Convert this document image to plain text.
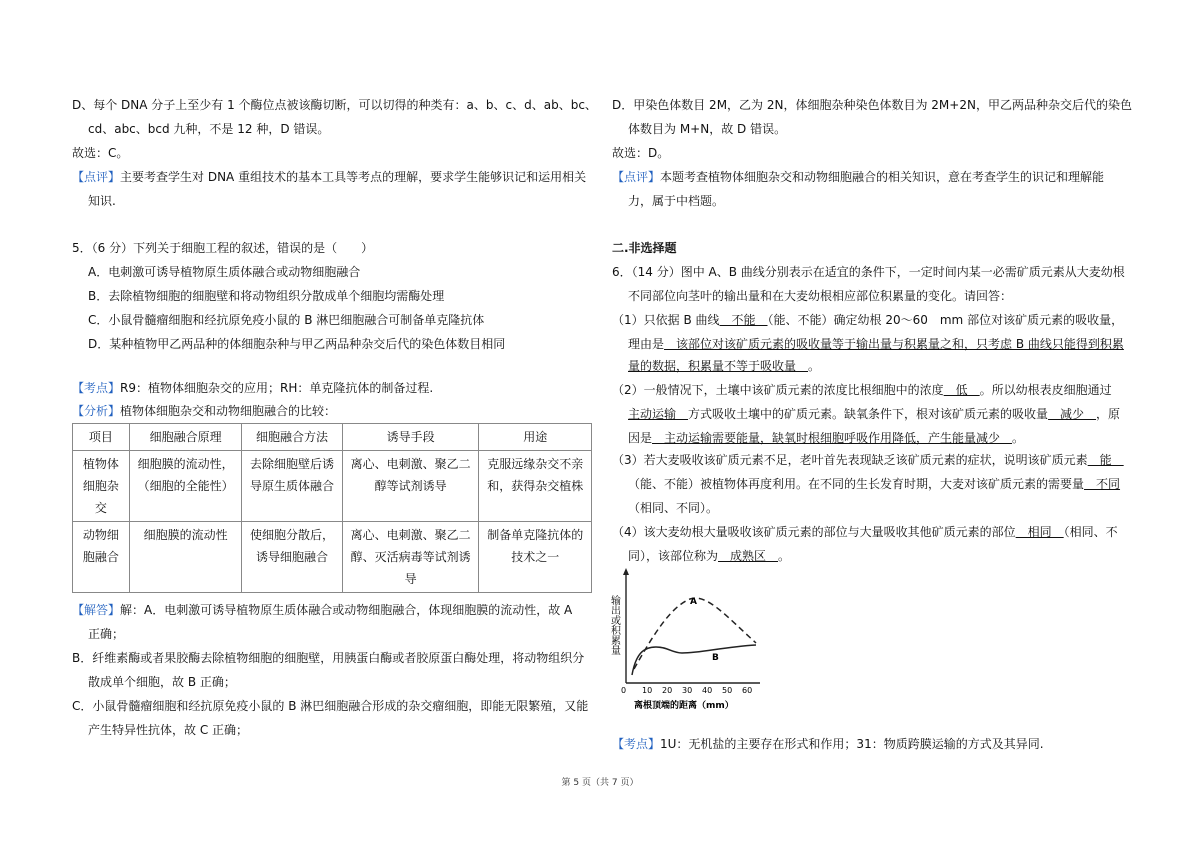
D、每个 DNA 分子上至少有 1 个酶位点被该酶切断，可以切得的种类有：a、b、c、d、ab、bc、
cd、abc、bcd 九种，不是 12 种，D 错误。
故选：C。
【点评】主要考查学生对 DNA 重组技术的基本工具等考点的理解，要求学生能够识记和运用相关
知识.
5．（6 分）下列关于细胞工程的叙述，错误的是（　　）
A．电刺激可诱导植物原生质体融合或动物细胞融合
B．去除植物细胞的细胞壁和将动物组织分散成单个细胞均需酶处理
C．小鼠骨髓瘤细胞和经抗原免疫小鼠的 B 淋巴细胞融合可制备单克隆抗体
D．某种植物甲乙两品种的体细胞杂种与甲乙两品种杂交后代的染色体数目相同
【考点】R9：植物体细胞杂交的应用；RH：单克隆抗体的制备过程.
【分析】植物体细胞杂交和动物细胞融合的比较：
项目	细胞融合原理	细胞融合方法	诱导手段	用途
植物体细胞杂交	细胞膜的流动性，（细胞的全能性）	去除细胞壁后诱导原生质体融合	离心、电刺激、聚乙二醇等试剂诱导	克服远缘杂交不亲和，获得杂交植株
动物细胞融合	细胞膜的流动性	使细胞分散后，诱导细胞融合	离心、电刺激、聚乙二醇、灭活病毒等试剂诱导	制备单克隆抗体的技术之一
【解答】解：A．电刺激可诱导植物原生质体融合或动物细胞融合，体现细胞膜的流动性，故 A
正确；
B．纤维素酶或者果胶酶去除植物细胞的细胞壁，用胰蛋白酶或者胶原蛋白酶处理，将动物组织分
散成单个细胞，故 B 正确；
C．小鼠骨髓瘤细胞和经抗原免疫小鼠的 B 淋巴细胞融合形成的杂交瘤细胞，即能无限繁殖，又能
产生特异性抗体，故 C 正确；
D．甲染色体数目 2M，乙为 2N，体细胞杂种染色体数目为 2M+2N，甲乙两品种杂交后代的染色
体数目为 M+N，故 D 错误。
故选：D。
【点评】本题考查植物体细胞杂交和动物细胞融合的相关知识，意在考查学生的识记和理解能
力，属于中档题。
二.非选择题
6．（14 分）图中 A、B 曲线分别表示在适宜的条件下，一定时间内某一必需矿质元素从大麦幼根
不同部位向茎叶的输出量和在大麦幼根相应部位积累量的变化。请回答：
（1）只依据 B 曲线　不能　（能、不能）确定幼根 20～60　mm 部位对该矿质元素的吸收量，
理由是　该部位对该矿质元素的吸收量等于输出量与积累量之和，只考虑 B 曲线只能得到积累
量的数据，积累量不等于吸收量　。
（2）一般情况下，土壤中该矿质元素的浓度比根细胞中的浓度　低　。所以幼根表皮细胞通过
主动运输　方式吸收土壤中的矿质元素。缺氧条件下，根对该矿质元素的吸收量　减少　，原
因是　主动运输需要能量，缺氧时根细胞呼吸作用降低，产生能量减少　。
（3）若大麦吸收该矿质元素不足，老叶首先表现缺乏该矿质元素的症状，说明该矿质元素　能　
（能、不能）被植物体再度利用。在不同的生长发育时期，大麦对该矿质元素的需要量　不同
（相同、不同）。
（4）该大麦幼根大量吸收该矿质元素的部位与大量吸收其他矿质元素的部位　相同　（相同、不
同），该部位称为　成熟区　。
输出或积累量	A
B
0 10 20 30 40 50 60
离根顶端的距离（mm）
【考点】1U：无机盐的主要存在形式和作用；31：物质跨膜运输的方式及其异同.
第 5 页（共 7 页）
